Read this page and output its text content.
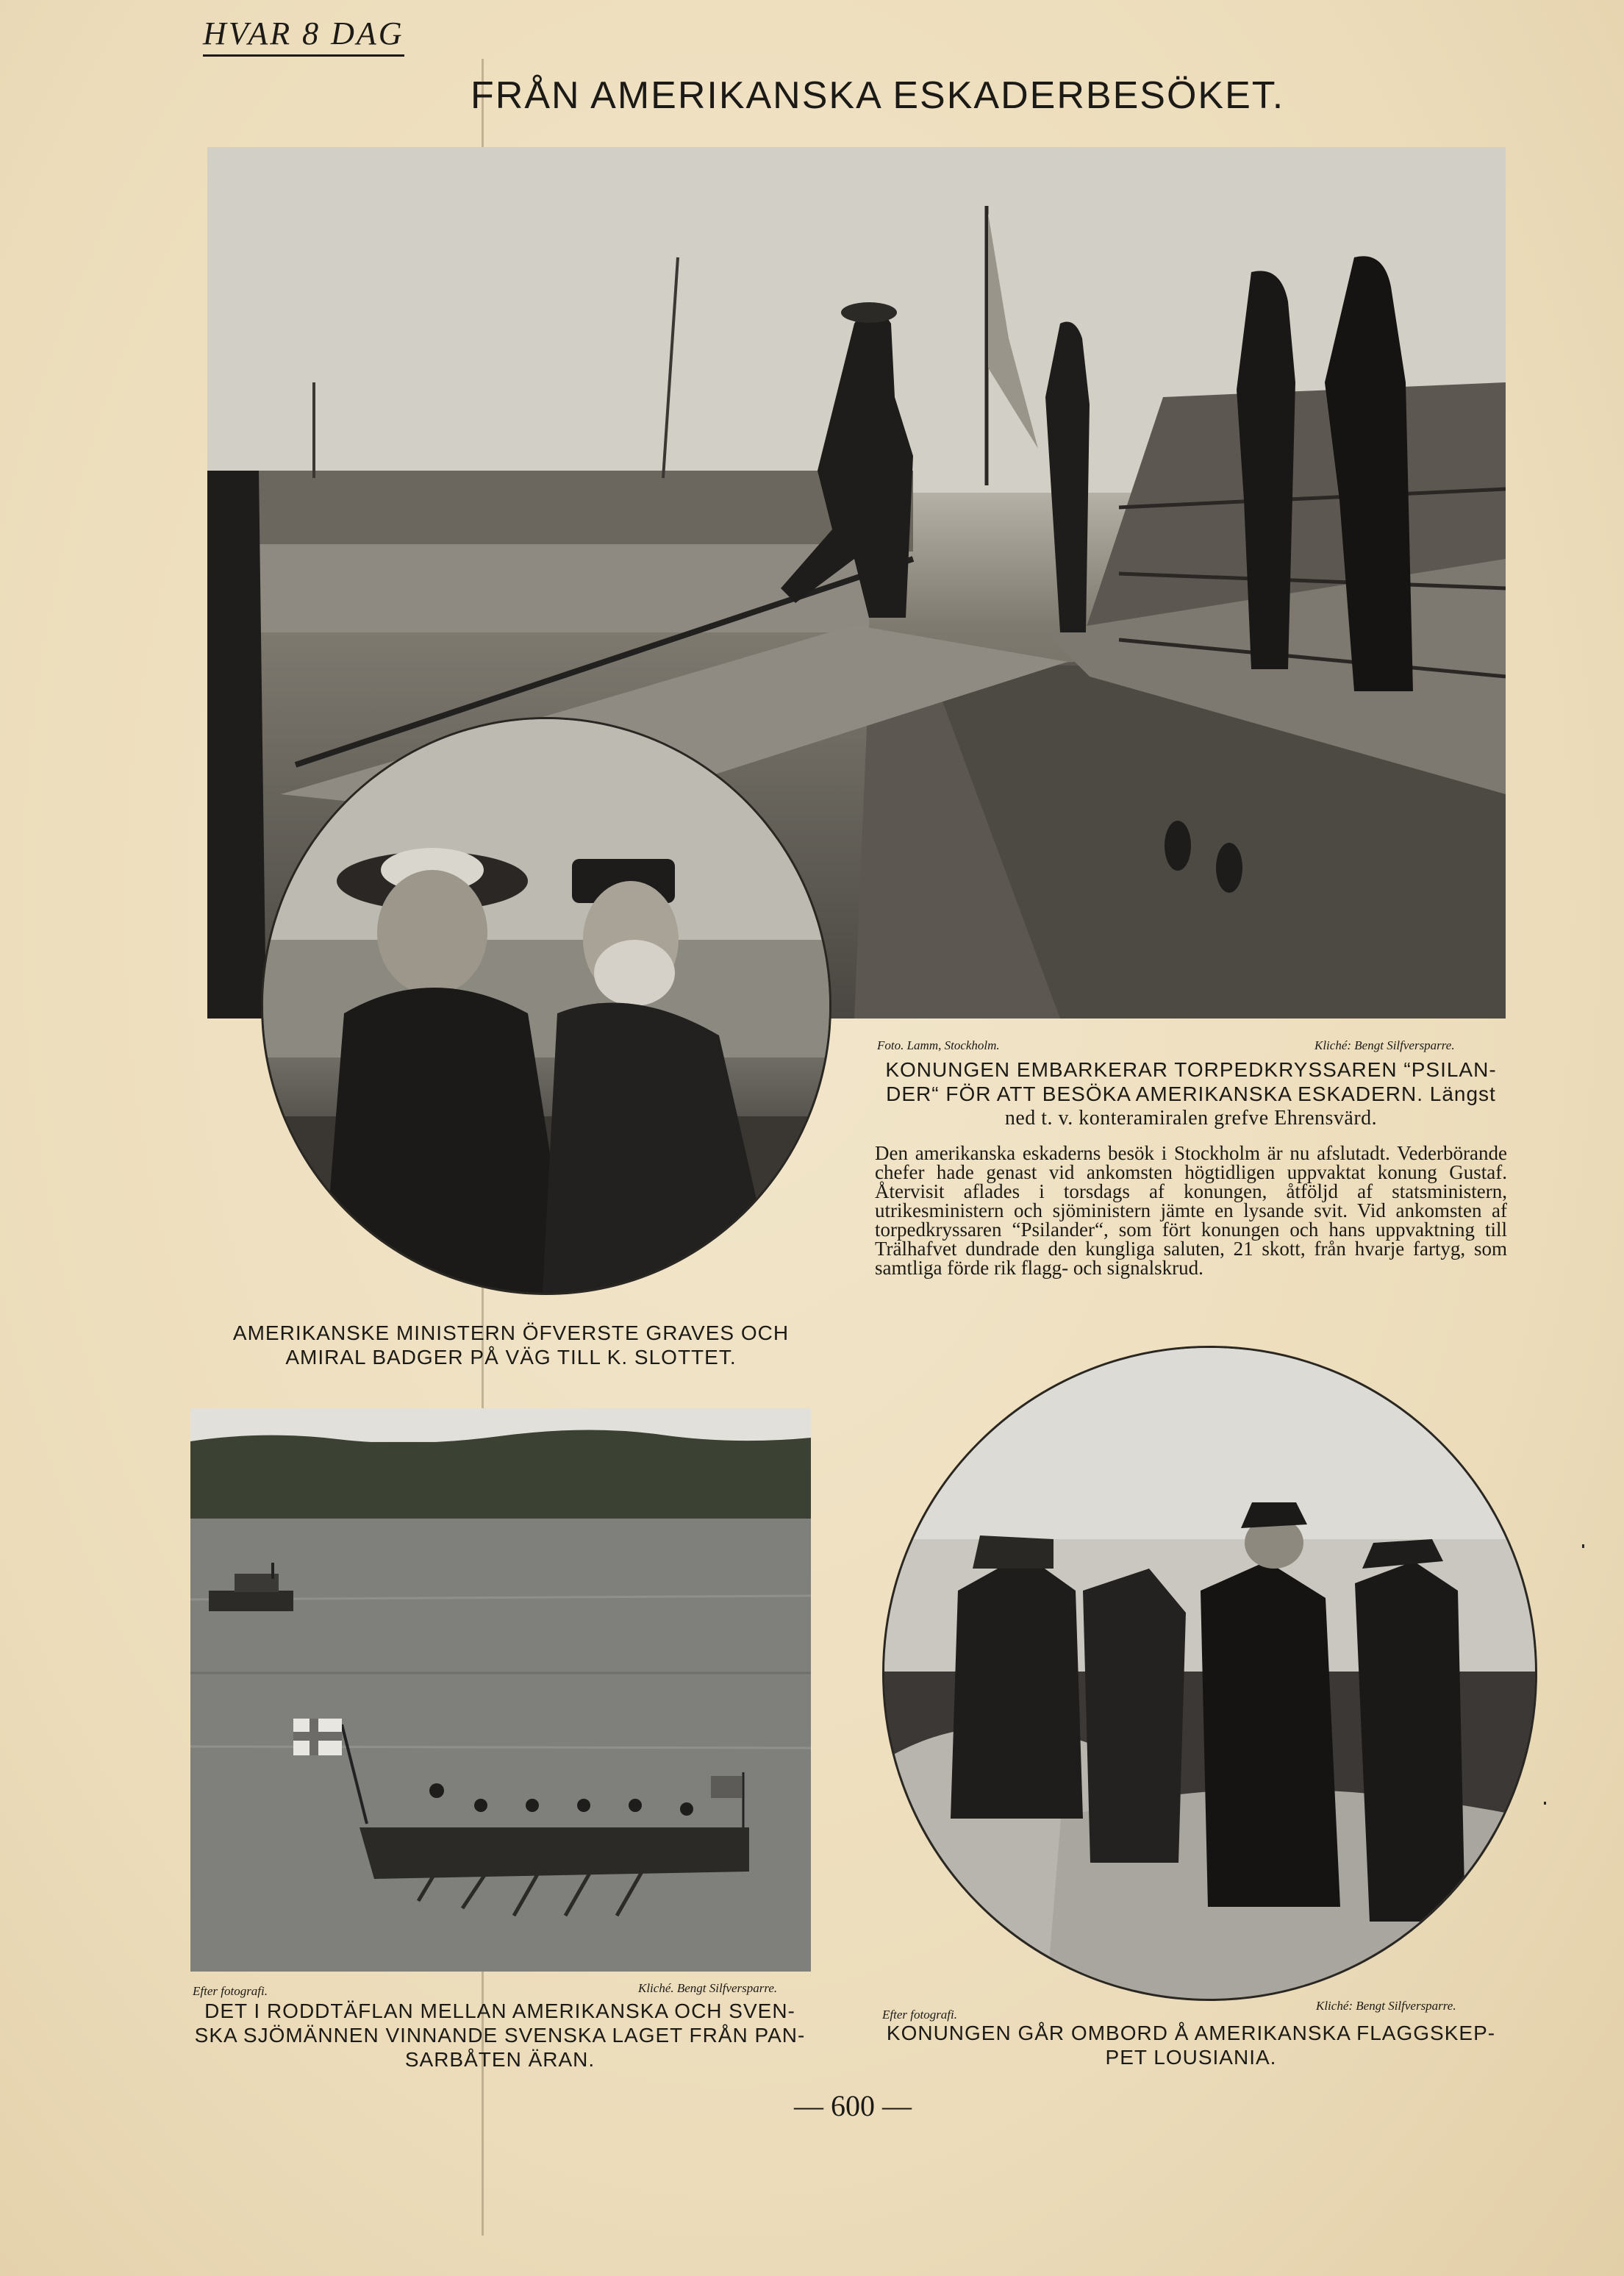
HVAR 8 DAG
FRÅN AMERIKANSKA ESKADERBESÖKET.
Foto. Lamm, Stockholm.	Kliché: Bengt Silfversparre.
KONUNGEN EMBARKERAR TORPEDKRYSSAREN “PSILAN-
DER“ FÖR ATT BESÖKA AMERIKANSKA ESKADERN. Längst
ned t. v. konteramiralen grefve Ehrensvärd.
Den amerikanska eskaderns besök i Stockholm är nu afslutadt. Vederbörande chefer hade genast vid ankomsten högtidligen uppvaktat konung Gustaf. Återvisit aflades i torsdags af konungen, åtföljd af statsministern, utrikesministern och sjöministern jämte en lysande svit. Vid ankomsten af torpedkryssaren “Psilander“, som fört konungen och hans uppvaktning till Trälhafvet dundrade den kungliga saluten, 21 skott, från hvarje fartyg, som samtliga förde rik flagg- och signalskrud.
AMERIKANSKE MINISTERN ÖFVERSTE GRAVES OCH
AMIRAL BADGER PÅ VÄG TILL K. SLOTTET.
Efter fotografi.	Kliché. Bengt Silfversparre.
DET I RODDTÄFLAN MELLAN AMERIKANSKA OCH SVEN-
SKA SJÖMÄNNEN VINNANDE SVENSKA LAGET FRÅN PAN-
SARBÅTEN ÄRAN.
Efter fotografi.
Kliché: Bengt Silfversparre.
KONUNGEN GÅR OMBORD Å AMERIKANSKA FLAGGSKEP-
PET LOUSIANIA.
— 600 —
